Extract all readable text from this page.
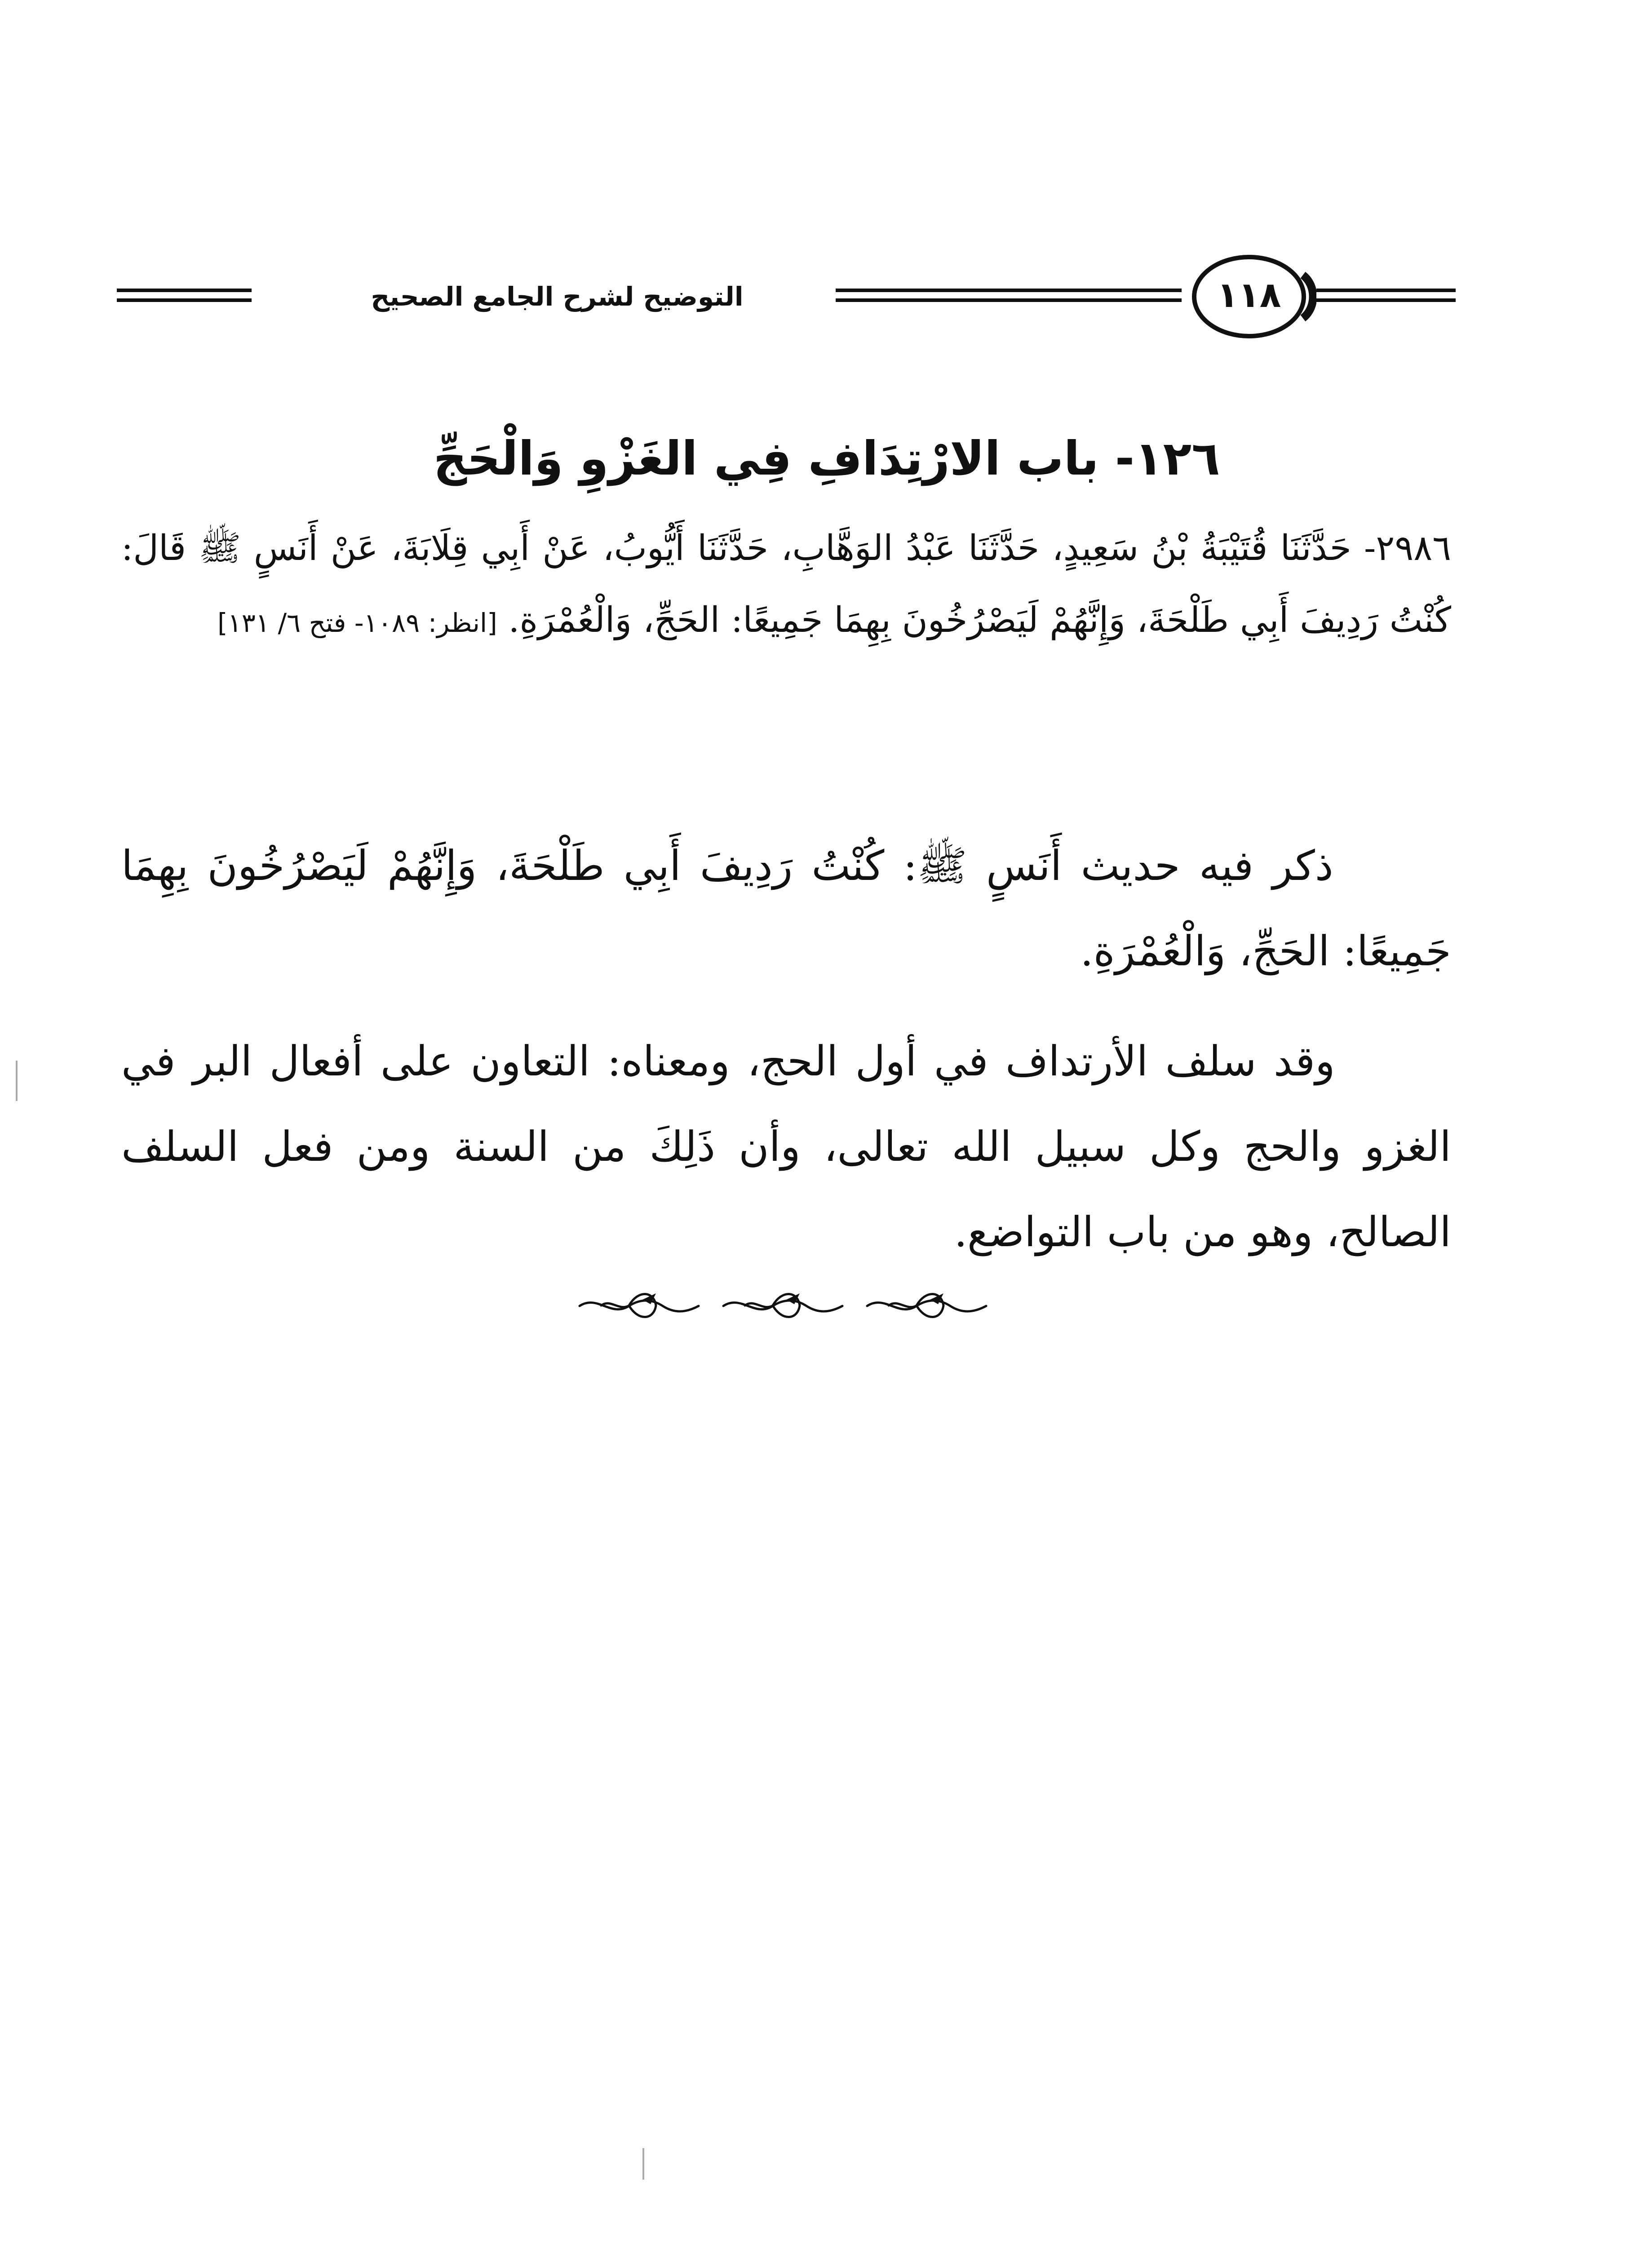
التوضيح لشرح الجامع الصحيح	١١٨
١٢٦- باب الارْتِدَافِ فِي الغَزْوِ وَالْحَجِّ
٢٩٨٦- حَدَّثَنَا قُتَيْبَةُ بْنُ سَعِيدٍ، حَدَّثَنَا عَبْدُ الوَهَّابِ، حَدَّثَنَا أَيُّوبُ، عَنْ أَبِي قِلَابَةَ، عَنْ أَنَسٍ ﷺ قَالَ: كُنْتُ رَدِيفَ أَبِي طَلْحَةَ، وَإِنَّهُمْ لَيَصْرُخُونَ بِهِمَا جَمِيعًا: الحَجِّ، وَالْعُمْرَةِ. [انظر: ١٠٨٩- فتح ٦/ ١٣١]

ذكر فيه حديث أَنَسٍ ﷺ: كُنْتُ رَدِيفَ أَبِي طَلْحَةَ، وَإِنَّهُمْ لَيَصْرُخُونَ بِهِمَا جَمِيعًا: الحَجِّ، وَالْعُمْرَةِ.

وقد سلف الأرتداف في أول الحج، ومعناه: التعاون على أفعال البر في الغزو والحج وكل سبيل الله تعالى، وأن ذَلِكَ من السنة ومن فعل السلف الصالح، وهو من باب التواضع.
